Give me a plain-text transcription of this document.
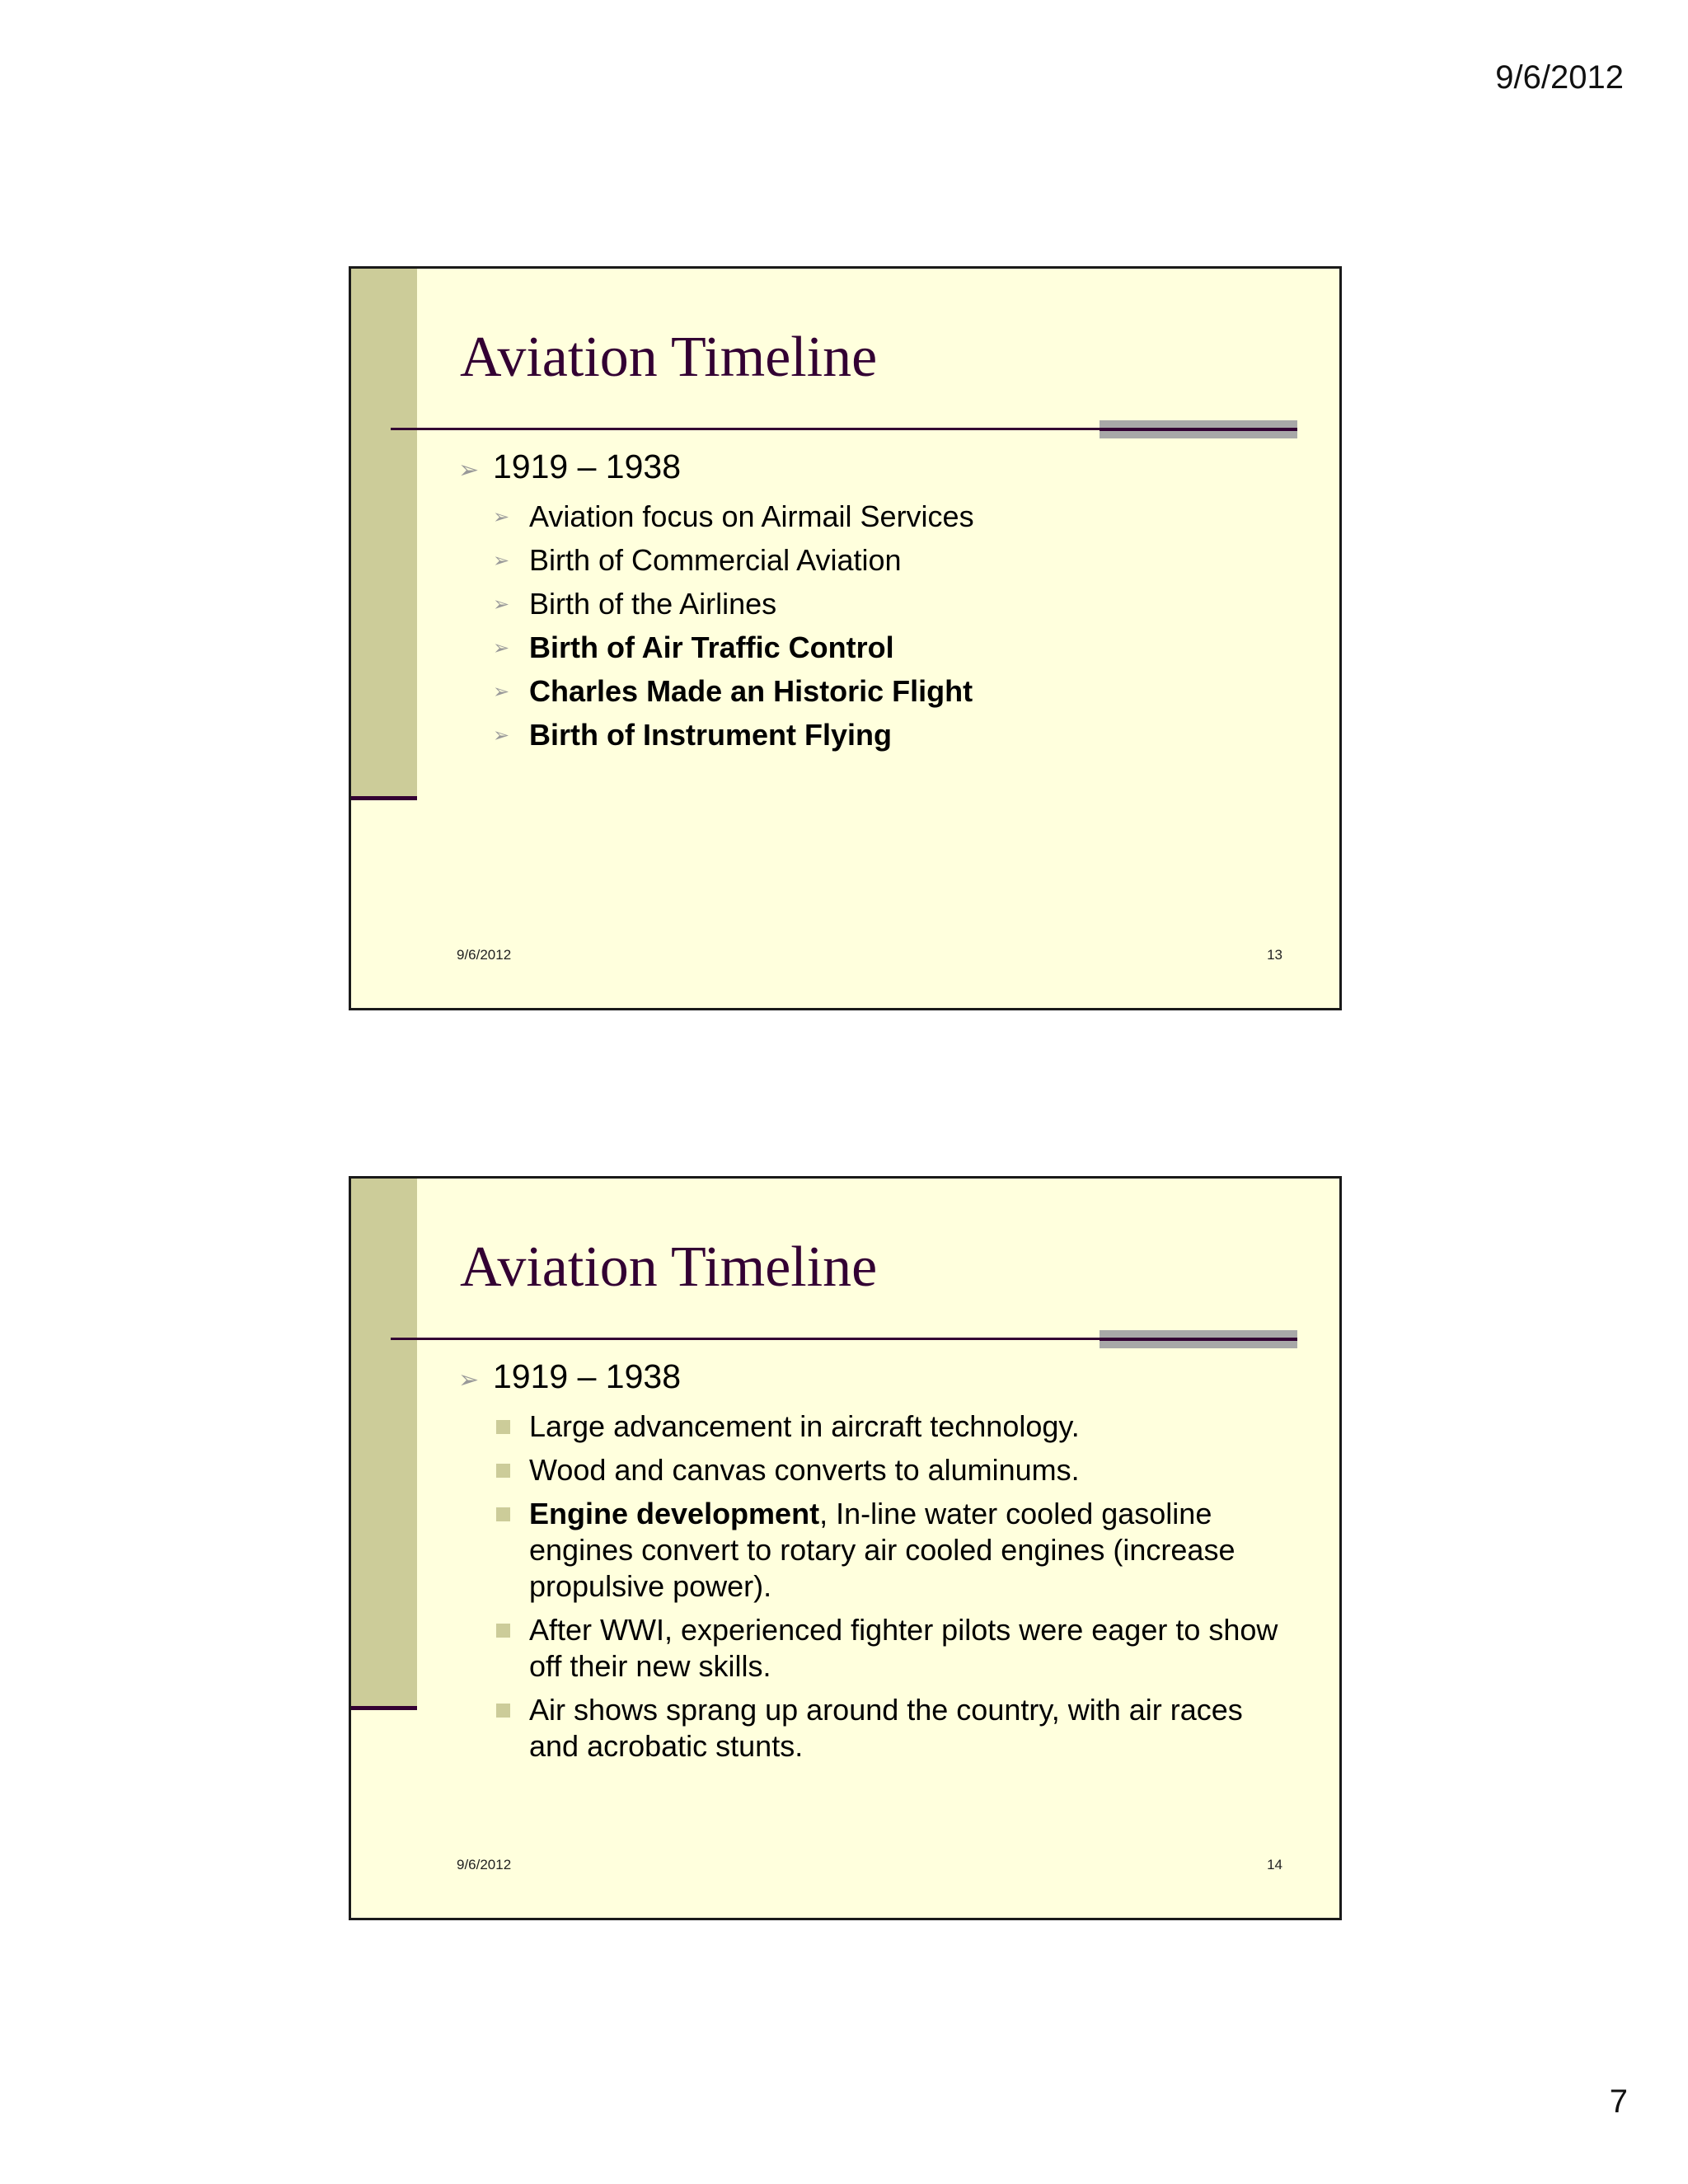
9/6/2012
Aviation Timeline
➢ 1919 – 1938
➢ Aviation focus on Airmail Services
➢ Birth of Commercial Aviation
➢ Birth of the Airlines
➢ Birth of Air Traffic Control
➢ Charles Made an Historic Flight
➢ Birth of Instrument Flying
9/6/2012	13
Aviation Timeline
➢ 1919 – 1938
Large advancement in aircraft technology.
Wood and canvas converts to aluminums.
Engine development, In-line water cooled gasoline engines convert to rotary air cooled engines (increase propulsive power).
After WWI, experienced fighter pilots were eager to show off their new skills.
Air shows sprang up around the country, with air races and acrobatic stunts.
9/6/2012	14
7
